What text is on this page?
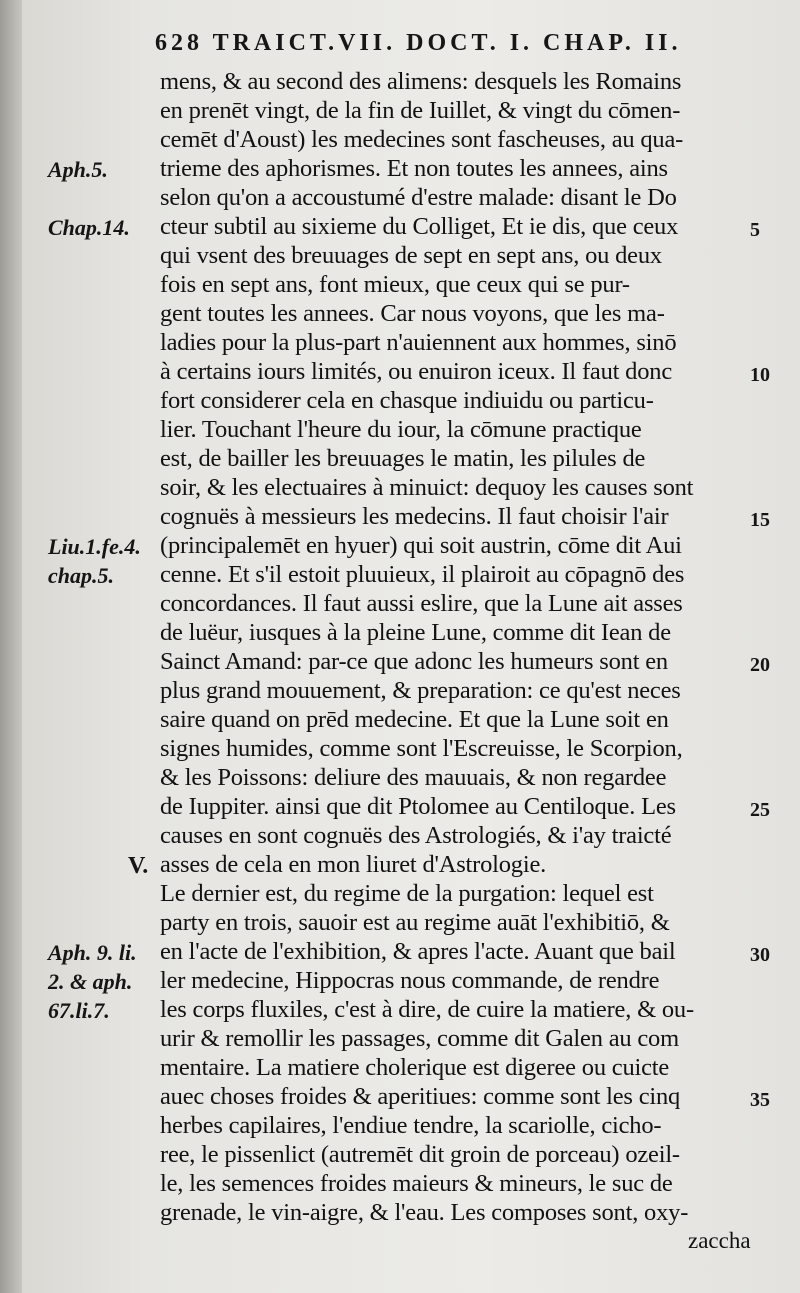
628 TRAICT.VII. DOCT. I. CHAP. II.
mens, & au second des alimens: desquels les Romains
en prenēt vingt, de la fin de Iuillet, & vingt du cōmen-
cemēt d'Aoust) les medecines sont fascheuses, au qua-
trieme des aphorismes. Et non toutes les annees, ains
selon qu'on a accoustumé d'estre malade: disant le Do
cteur subtil au sixieme du Colliget, Et ie dis, que ceux
qui vsent des breuuages de sept en sept ans, ou deux
fois en sept ans, font mieux, que ceux qui se pur-
gent toutes les annees. Car nous voyons, que les ma-
ladies pour la plus-part n'auiennent aux hommes, sinō
à certains iours limités, ou enuiron iceux. Il faut donc
fort considerer cela en chasque indiuidu ou particu-
lier. Touchant l'heure du iour, la cōmune practique
est, de bailler les breuuages le matin, les pilules de
soir, & les electuaires à minuict: dequoy les causes sont
cognuës à messieurs les medecins. Il faut choisir l'air
(principalemēt en hyuer) qui soit austrin, cōme dit Aui
cenne. Et s'il estoit pluuieux, il plairoit au cōpagnō des
concordances. Il faut aussi eslire, que la Lune ait asses
de luëur, iusques à la pleine Lune, comme dit Iean de
Sainct Amand: par-ce que adonc les humeurs sont en
plus grand mouuement, & preparation: ce qu'est neces
saire quand on prēd medecine. Et que la Lune soit en
signes humides, comme sont l'Escreuisse, le Scorpion,
& les Poissons: deliure des mauuais, & non regardee
de Iuppiter. ainsi que dit Ptolomee au Centiloque. Les
causes en sont cognuës des Astrologiés, & i'ay traicté
asses de cela en mon liuret d'Astrologie.
Le dernier est, du regime de la purgation: lequel est
party en trois, sauoir est au regime auāt l'exhibitiō, &
en l'acte de l'exhibition, & apres l'acte. Auant que bail
ler medecine, Hippocras nous commande, de rendre
les corps fluxiles, c'est à dire, de cuire la matiere, & ou-
urir & remollir les passages, comme dit Galen au com
mentaire. La matiere cholerique est digeree ou cuicte
auec choses froides & aperitiues: comme sont les cinq
herbes capilaires, l'endiue tendre, la scariolle, cicho-
ree, le pissenlict (autremēt dit groin de porceau) ozeil-
le, les semences froides maieurs & mineurs, le suc de
grenade, le vin-aigre, & l'eau. Les composes sont, oxy-
Aph.5.
Chap.14.
Liu.1.fe.4.
chap.5.
V.
Aph. 9. li.
2. & aph.
67.li.7.
5
10
15
20
25
30
35
zaccha
